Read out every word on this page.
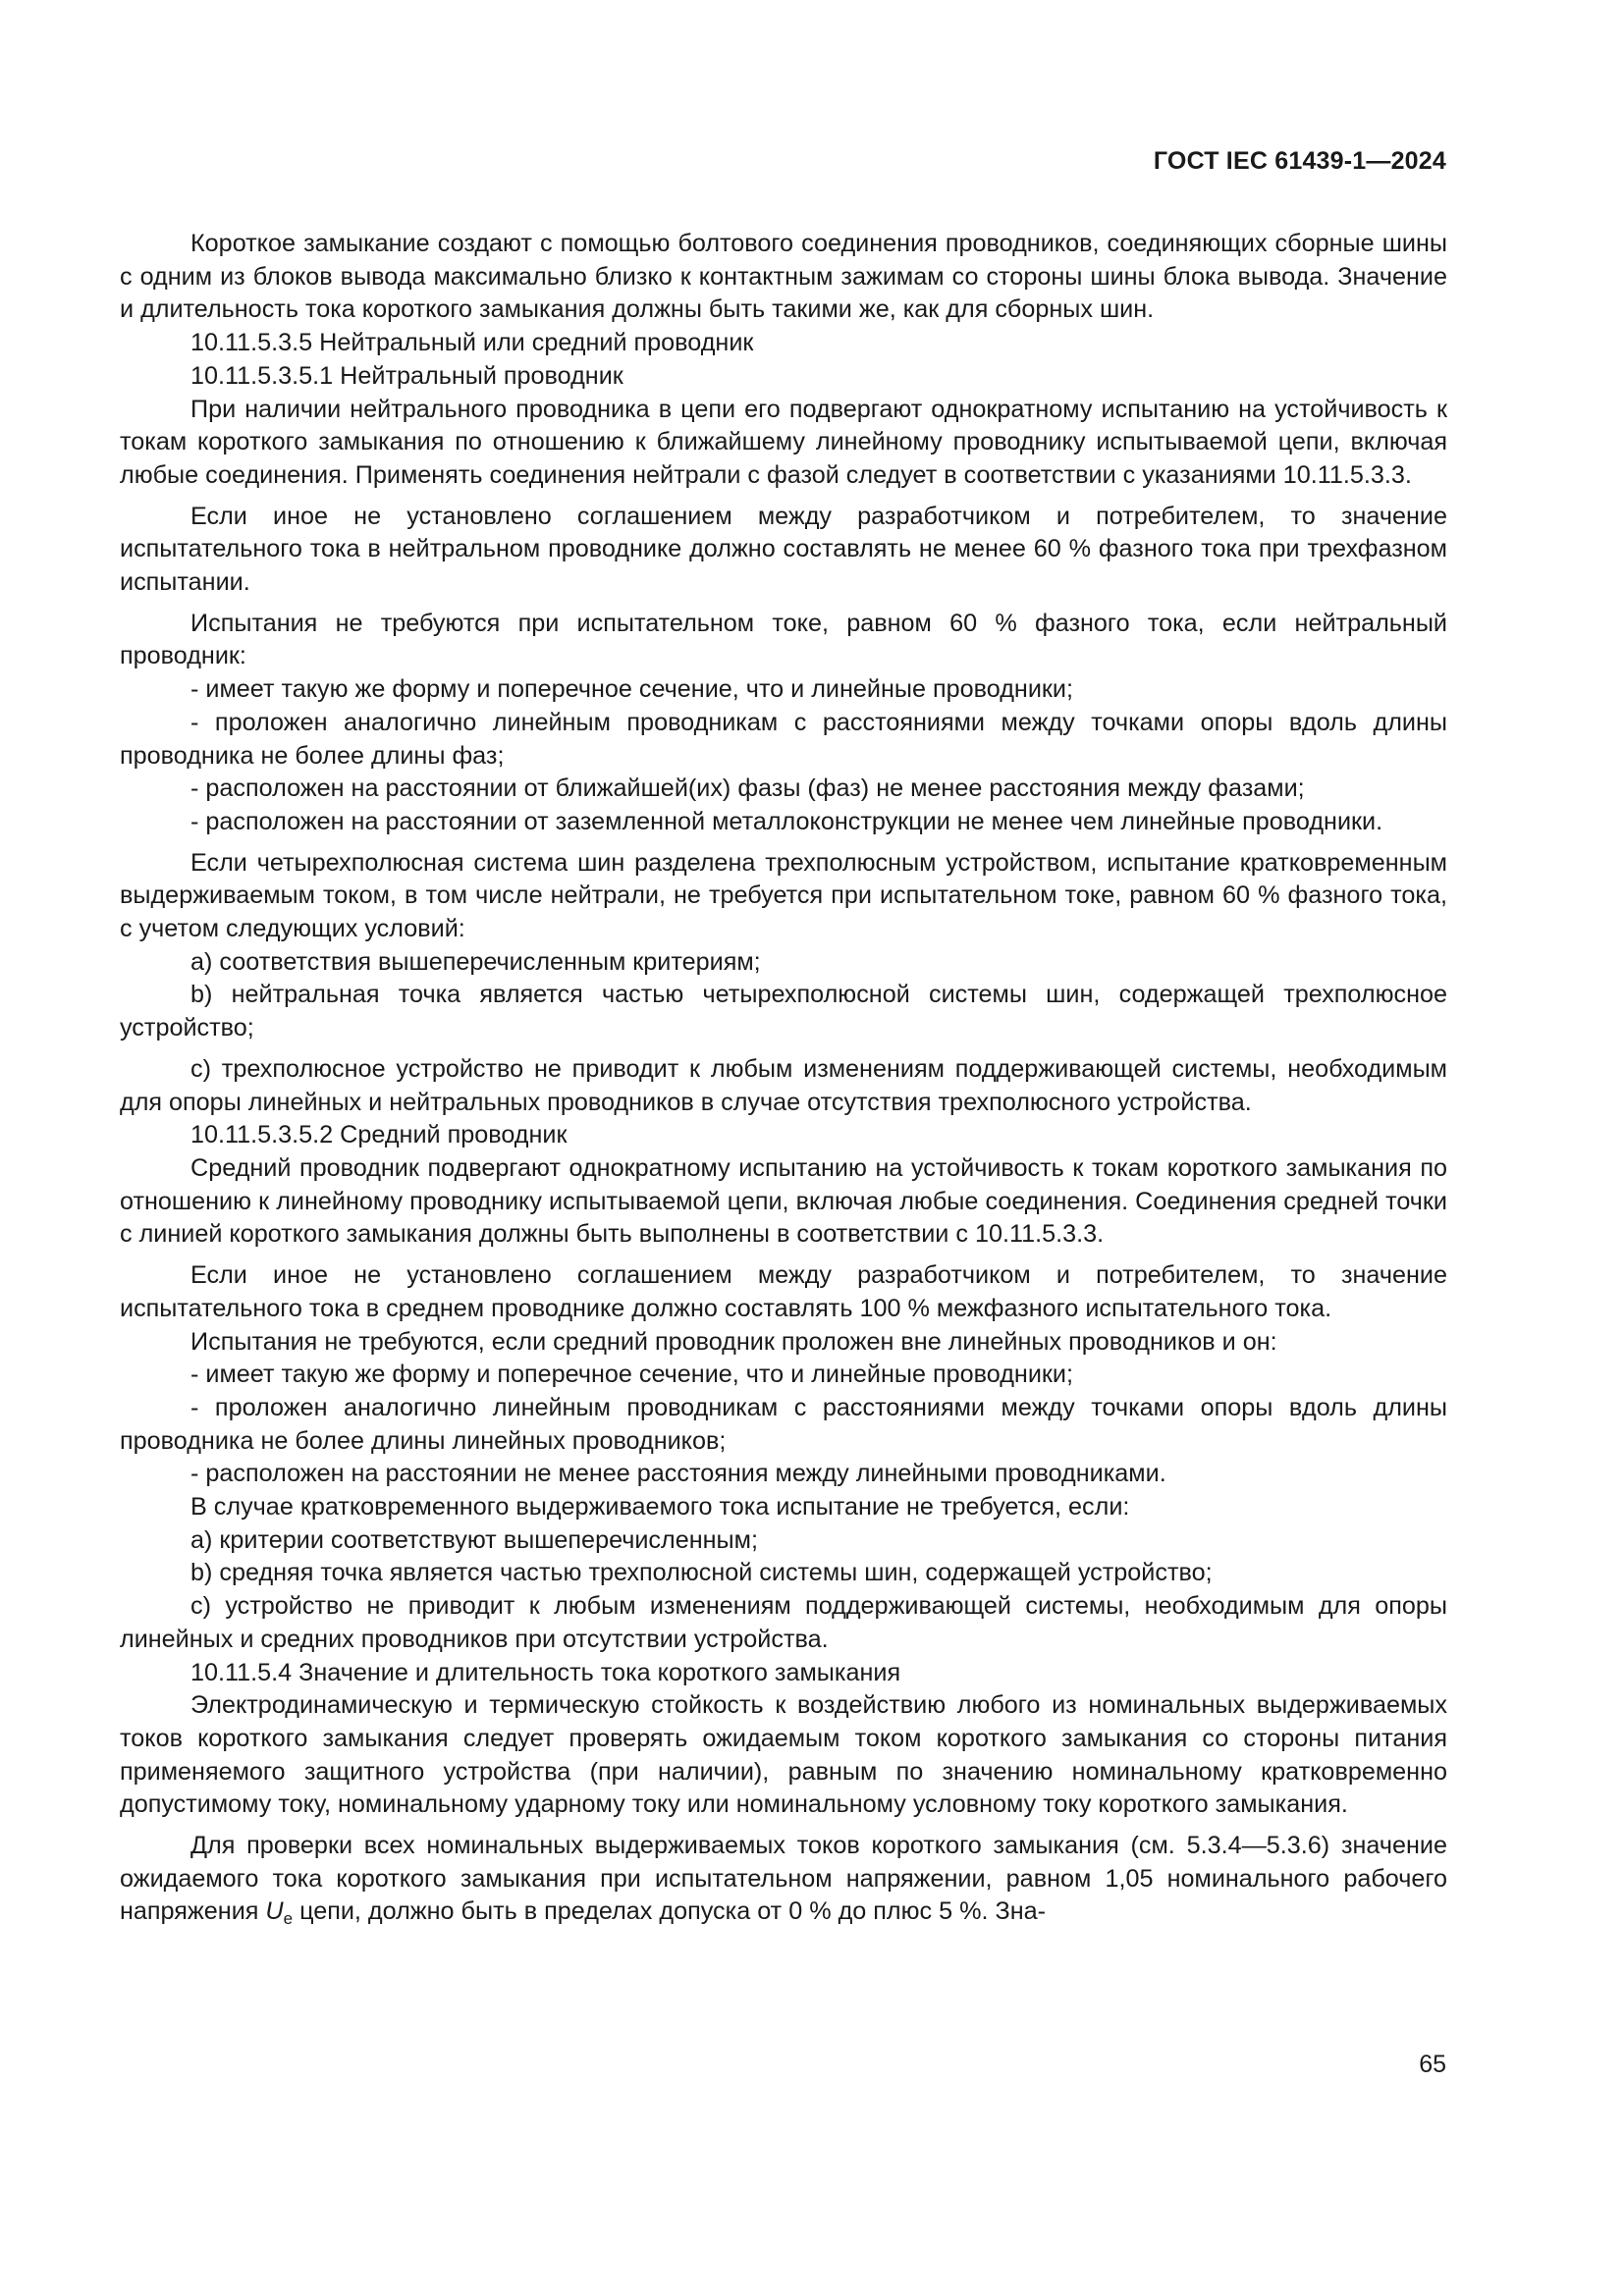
ГОСТ IEC 61439-1—2024

Короткое замыкание создают с помощью болтового соединения проводников, соединяющих сборные шины с одним из блоков вывода максимально близко к контактным зажимам со стороны шины блока вывода. Значение и длительность тока короткого замыкания должны быть такими же, как для сборных шин.

10.11.5.3.5 Нейтральный или средний проводник

10.11.5.3.5.1 Нейтральный проводник

При наличии нейтрального проводника в цепи его подвергают однократному испытанию на устойчивость к токам короткого замыкания по отношению к ближайшему линейному проводнику испытываемой цепи, включая любые соединения. Применять соединения нейтрали с фазой следует в соответствии с указаниями 10.11.5.3.3.

Если иное не установлено соглашением между разработчиком и потребителем, то значение испытательного тока в нейтральном проводнике должно составлять не менее 60 % фазного тока при трехфазном испытании.

Испытания не требуются при испытательном токе, равном 60 % фазного тока, если нейтральный проводник:

- имеет такую же форму и поперечное сечение, что и линейные проводники;

- проложен аналогично линейным проводникам с расстояниями между точками опоры вдоль длины проводника не более длины фаз;

- расположен на расстоянии от ближайшей(их) фазы (фаз) не менее расстояния между фазами;

- расположен на расстоянии от заземленной металлоконструкции не менее чем линейные проводники.

Если четырехполюсная система шин разделена трехполюсным устройством, испытание кратковременным выдерживаемым током, в том числе нейтрали, не требуется при испытательном токе, равном 60 % фазного тока, с учетом следующих условий:

a) соответствия вышеперечисленным критериям;

b) нейтральная точка является частью четырехполюсной системы шин, содержащей трехполюсное устройство;

c) трехполюсное устройство не приводит к любым изменениям поддерживающей системы, необходимым для опоры линейных и нейтральных проводников в случае отсутствия трехполюсного устройства.

10.11.5.3.5.2 Средний проводник

Средний проводник подвергают однократному испытанию на устойчивость к токам короткого замыкания по отношению к линейному проводнику испытываемой цепи, включая любые соединения. Соединения средней точки с линией короткого замыкания должны быть выполнены в соответствии с 10.11.5.3.3.

Если иное не установлено соглашением между разработчиком и потребителем, то значение испытательного тока в среднем проводнике должно составлять 100 % межфазного испытательного тока.

Испытания не требуются, если средний проводник проложен вне линейных проводников и он:

- имеет такую же форму и поперечное сечение, что и линейные проводники;

- проложен аналогично линейным проводникам с расстояниями между точками опоры вдоль длины проводника не более длины линейных проводников;

- расположен на расстоянии не менее расстояния между линейными проводниками.

В случае кратковременного выдерживаемого тока испытание не требуется, если:

a) критерии соответствуют вышеперечисленным;

b) средняя точка является частью трехполюсной системы шин, содержащей устройство;

c) устройство не приводит к любым изменениям поддерживающей системы, необходимым для опоры линейных и средних проводников при отсутствии устройства.

10.11.5.4 Значение и длительность тока короткого замыкания

Электродинамическую и термическую стойкость к воздействию любого из номинальных выдерживаемых токов короткого замыкания следует проверять ожидаемым током короткого замыкания со стороны питания применяемого защитного устройства (при наличии), равным по значению номинальному кратковременно допустимому току, номинальному ударному току или номинальному условному току короткого замыкания.

Для проверки всех номинальных выдерживаемых токов короткого замыкания (см. 5.3.4—5.3.6) значение ожидаемого тока короткого замыкания при испытательном напряжении, равном 1,05 номинального рабочего напряжения $U_e$ цепи, должно быть в пределах допуска от 0 % до плюс 5 %. Зна-

65
